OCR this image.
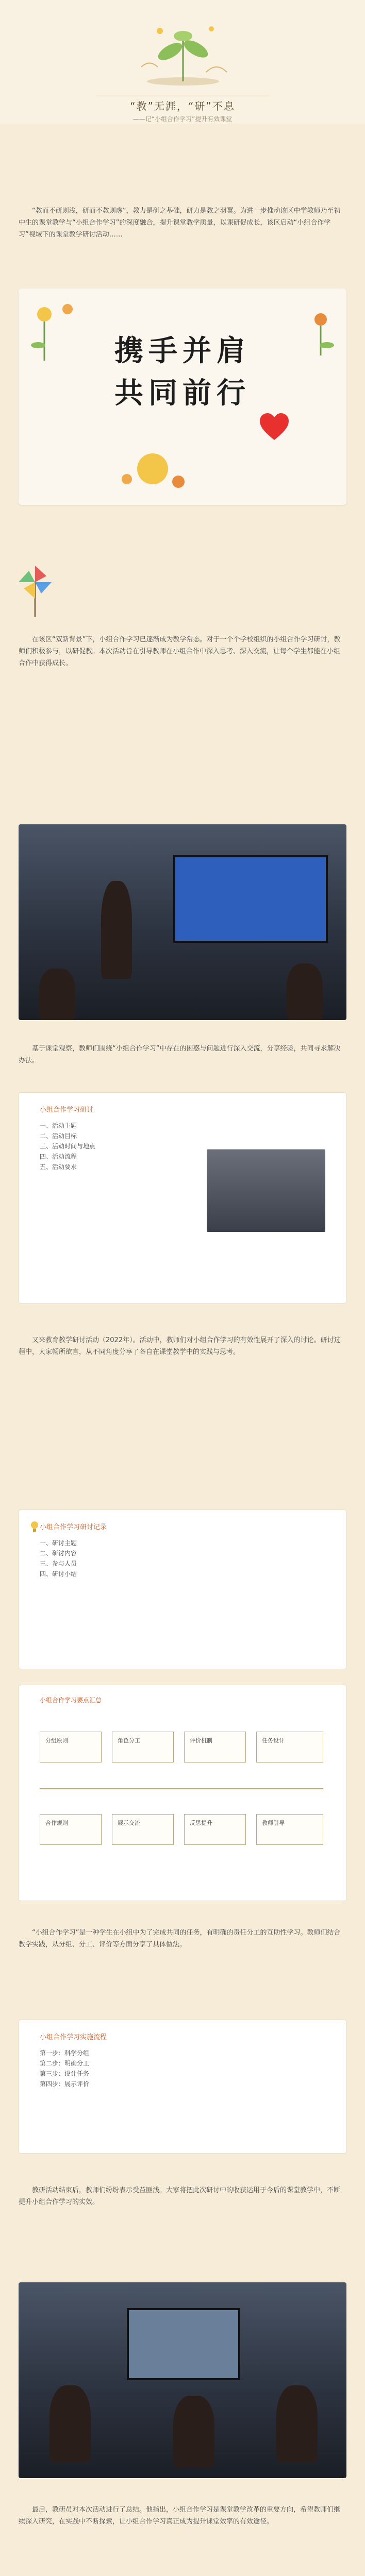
“教”无涯，“研”不息
——记“小组合作学习”提升有效课堂
“教而不研则浅，研而不教则虚”，教力是研之基础，研力是教之羽翼。为进一步推动该区中学教师乃至初中生的课堂教学与“小组合作学习”的深度融合，提升课堂教学质量，以课研促成长，该区启动“小组合作学习”视域下的课堂教学研讨活动……
携手并肩
共同前行
在该区“双新背景”下，小组合作学习已逐渐成为教学常态。对于一个个学校组织的小组合作学习研讨，教师们积极参与，以研促教。本次活动旨在引导教师在小组合作中深入思考、深入交流，让每个学生都能在小组合作中获得成长。
基于课堂观察，教师们围绕“小组合作学习”中存在的困惑与问题进行深入交流，分享经验，共同寻求解决办法。
小组合作学习研讨
一、活动主题
二、活动目标
三、活动时间与地点
四、活动流程
五、活动要求
又来教育教学研讨活动（2022年）。活动中，教师们对小组合作学习的有效性展开了深入的讨论。研讨过程中，大家畅所欲言，从不同角度分享了各自在课堂教学中的实践与思考。
小组合作学习研讨记录
一、研讨主题
二、研讨内容
三、参与人员
四、研讨小结
小组合作学习要点汇总
分组原则	角色分工	评价机制	任务设计
合作规则	展示交流	反思提升	教师引导
“小组合作学习”是一种学生在小组中为了完成共同的任务，有明确的责任分工的互助性学习。教师们结合教学实践，从分组、分工、评价等方面分享了具体做法。
小组合作学习实施流程
第一步：科学分组
第二步：明确分工
第三步：设计任务
第四步：展示评价
教研活动结束后，教师们纷纷表示受益匪浅。大家将把此次研讨中的收获运用于今后的课堂教学中，不断提升小组合作学习的实效。
最后，教研员对本次活动进行了总结。他指出，小组合作学习是课堂教学改革的重要方向，希望教师们继续深入研究，在实践中不断探索，让小组合作学习真正成为提升课堂效率的有效途径。
